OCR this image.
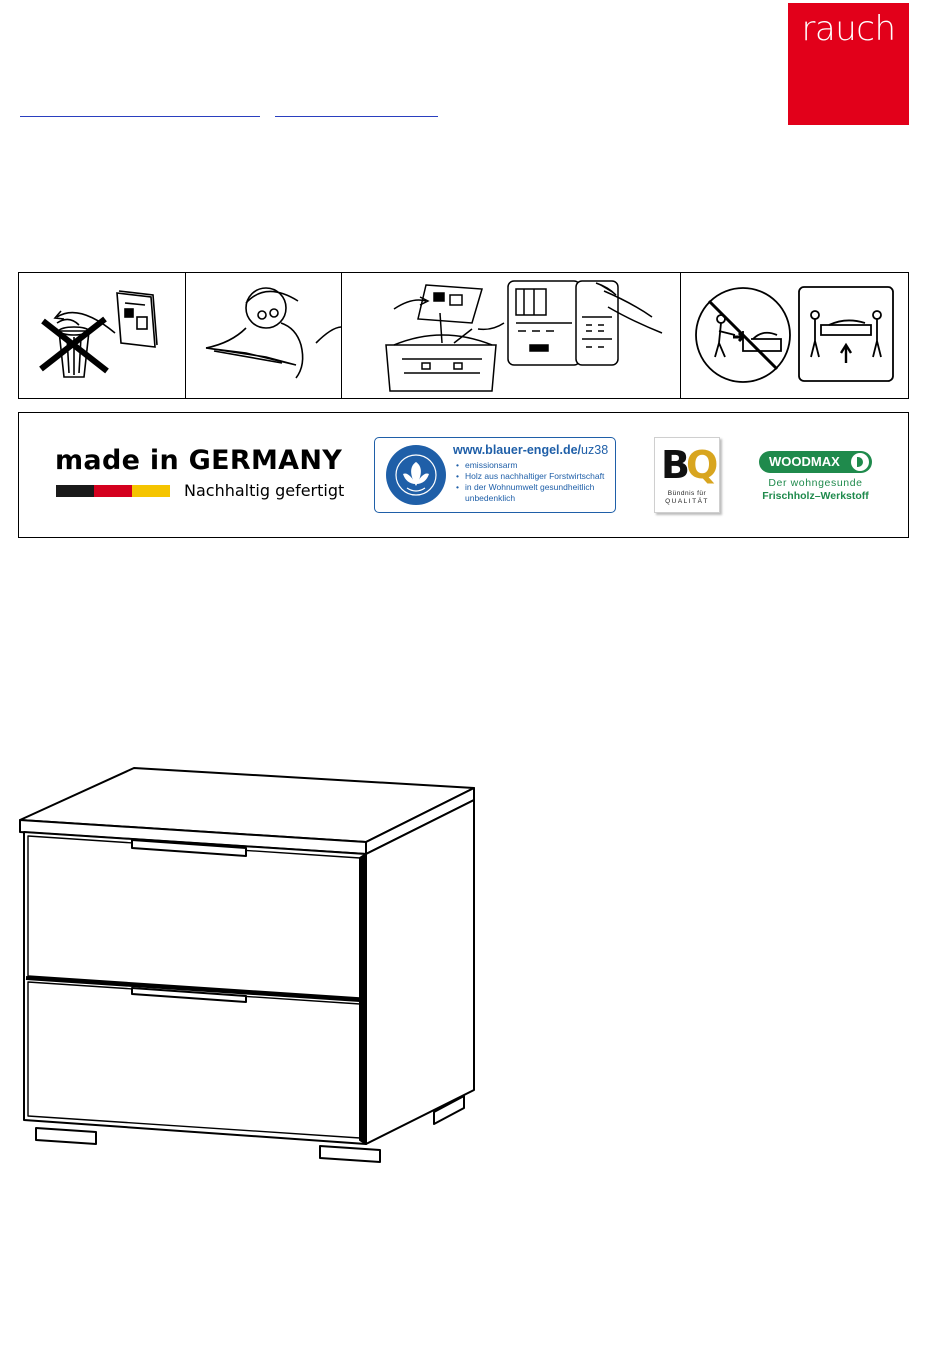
rauch
made in GERMANY
Nachhaltig gefertigt
www.blauer-engel.de/uz38
• emissionsarm
• Holz aus nachhaltiger Forstwirtschaft
• in der Wohnumwelt gesundheitlich unbedenklich
BQ
Bündnis für
QUALITÄT
WOODMAX
Der wohngesunde
Frischholz–Werkstoff
